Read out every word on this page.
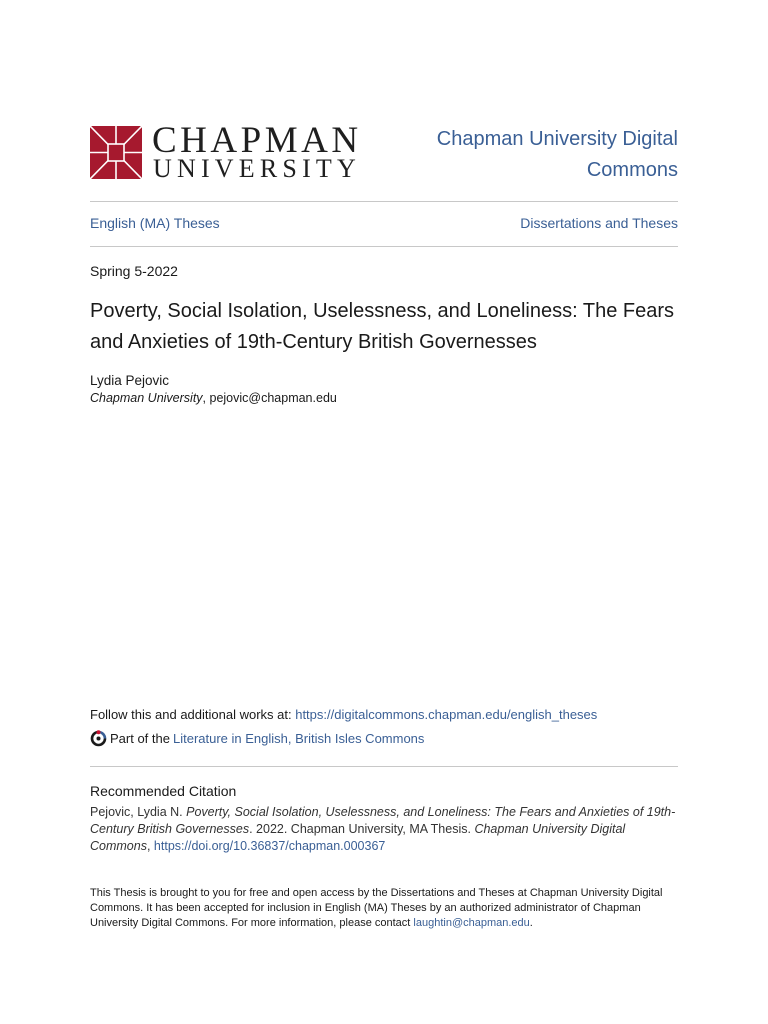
CHAPMAN
UNIVERSITY
Chapman University Digital Commons
English (MA) Theses	Dissertations and Theses
Spring 5-2022
Poverty, Social Isolation, Uselessness, and Loneliness: The Fears and Anxieties of 19th-Century British Governesses
Lydia Pejovic
Chapman University, pejovic@chapman.edu
Follow this and additional works at: https://digitalcommons.chapman.edu/english_theses
Part of the Literature in English, British Isles Commons
Recommended Citation
Pejovic, Lydia N. Poverty, Social Isolation, Uselessness, and Loneliness: The Fears and Anxieties of 19th-Century British Governesses. 2022. Chapman University, MA Thesis. Chapman University Digital Commons, https://doi.org/10.36837/chapman.000367
This Thesis is brought to you for free and open access by the Dissertations and Theses at Chapman University Digital Commons. It has been accepted for inclusion in English (MA) Theses by an authorized administrator of Chapman University Digital Commons. For more information, please contact laughtin@chapman.edu.
